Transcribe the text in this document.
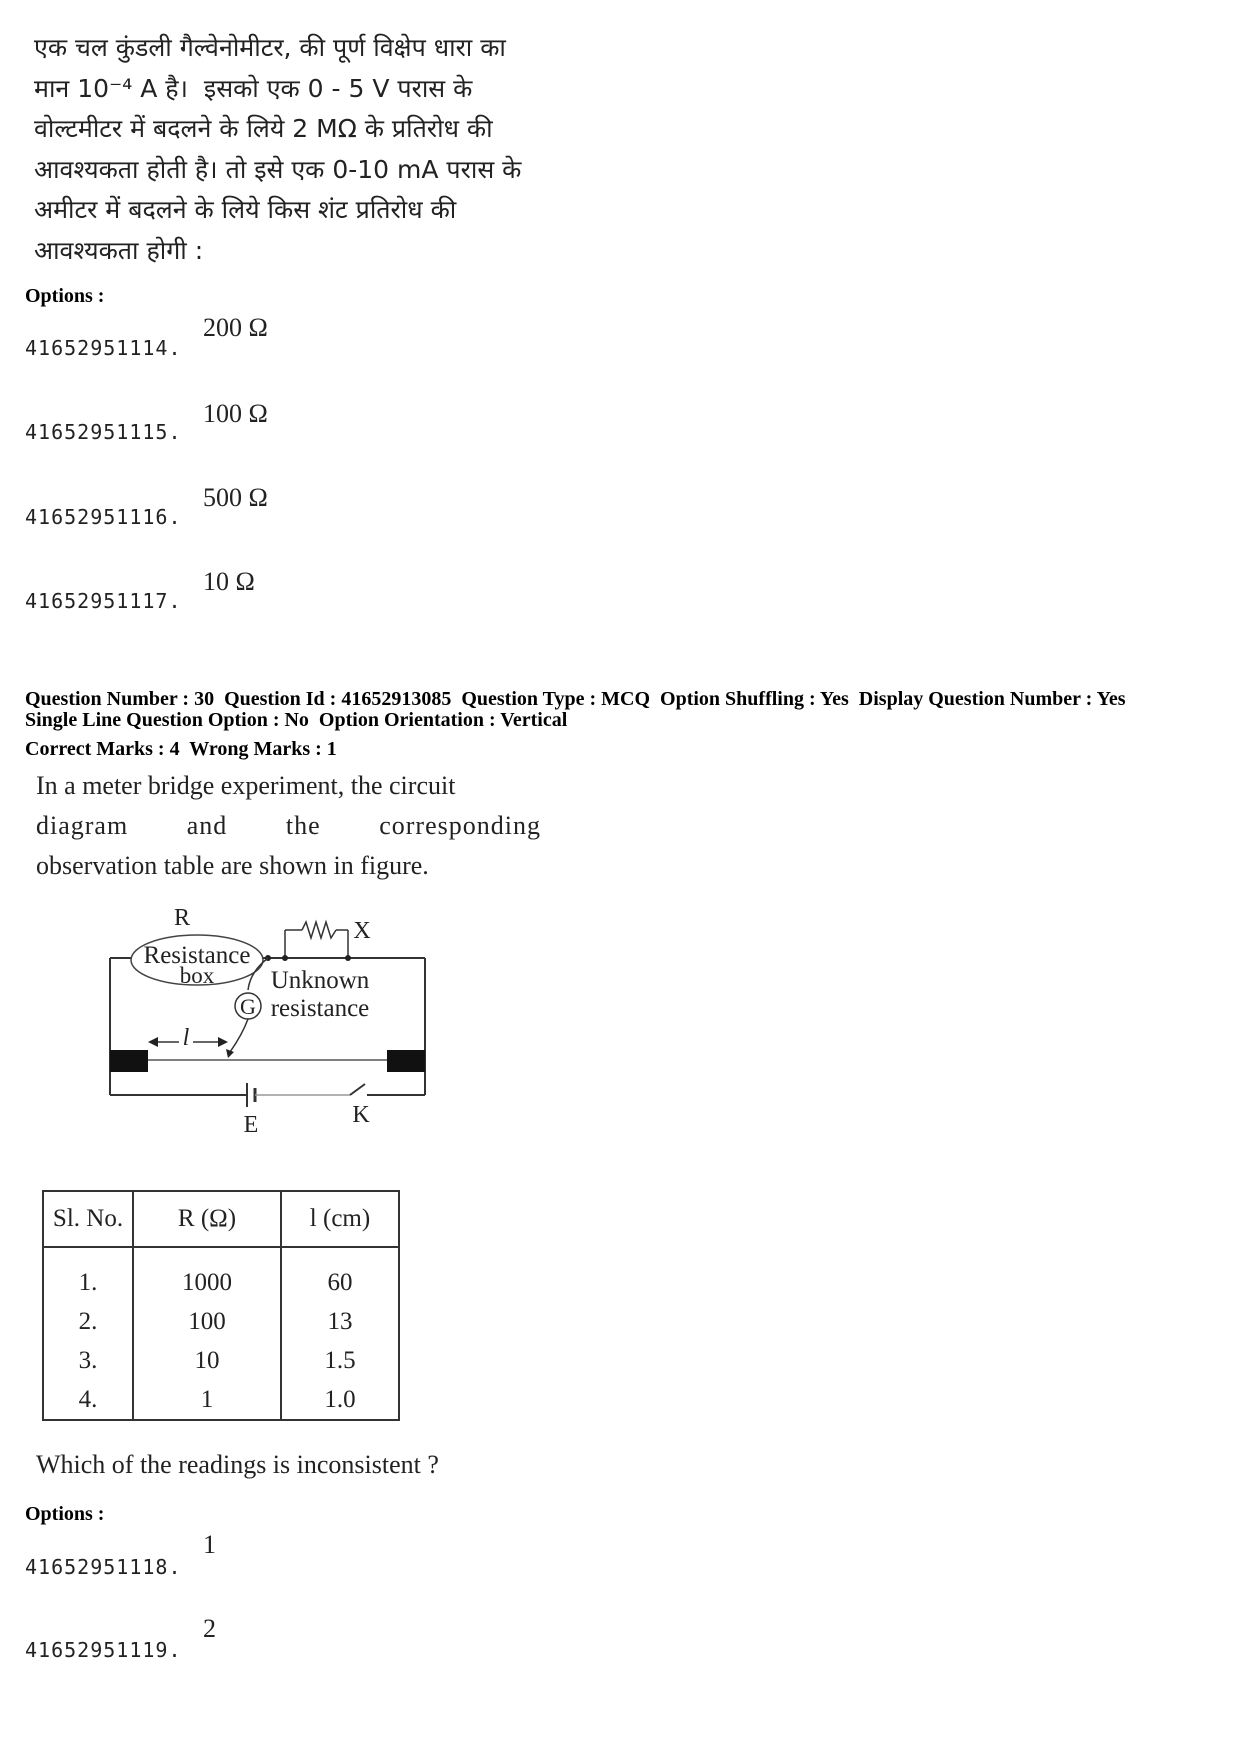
एक चल कुंडली गैल्वेनोमीटर, की पूर्ण विक्षेप धारा का

मान 10⁻⁴ A है।  इसको एक 0 - 5 V परास के

वोल्टमीटर में बदलने के लिये 2 MΩ के प्रतिरोध की

आवश्यकता होती है। तो इसे एक 0-10 mA परास के

अमीटर में बदलने के लिये किस शंट प्रतिरोध की

आवश्यकता होगी :

Options :
41652951114.
200 Ω
41652951115.
100 Ω
41652951116.
500 Ω
41652951117.
10 Ω
Question Number : 30  Question Id : 41652913085  Question Type : MCQ  Option Shuffling : Yes  Display Question Number : Yes
Single Line Question Option : No  Option Orientation : Vertical
Correct Marks : 4  Wrong Marks : 1

In a meter bridge experiment, the circuit

diagram and the corresponding

observation table are shown in figure.

Resistance
box
R	X
Unknown
resistance
G
l
E	K
Sl. No.	R (Ω)	l (cm)
1.	1000	60
2.	100	13
3.	10	1.5
4.	1	1.0
Which of the readings is inconsistent ?
Options :
41652951118.
1
41652951119.
2
